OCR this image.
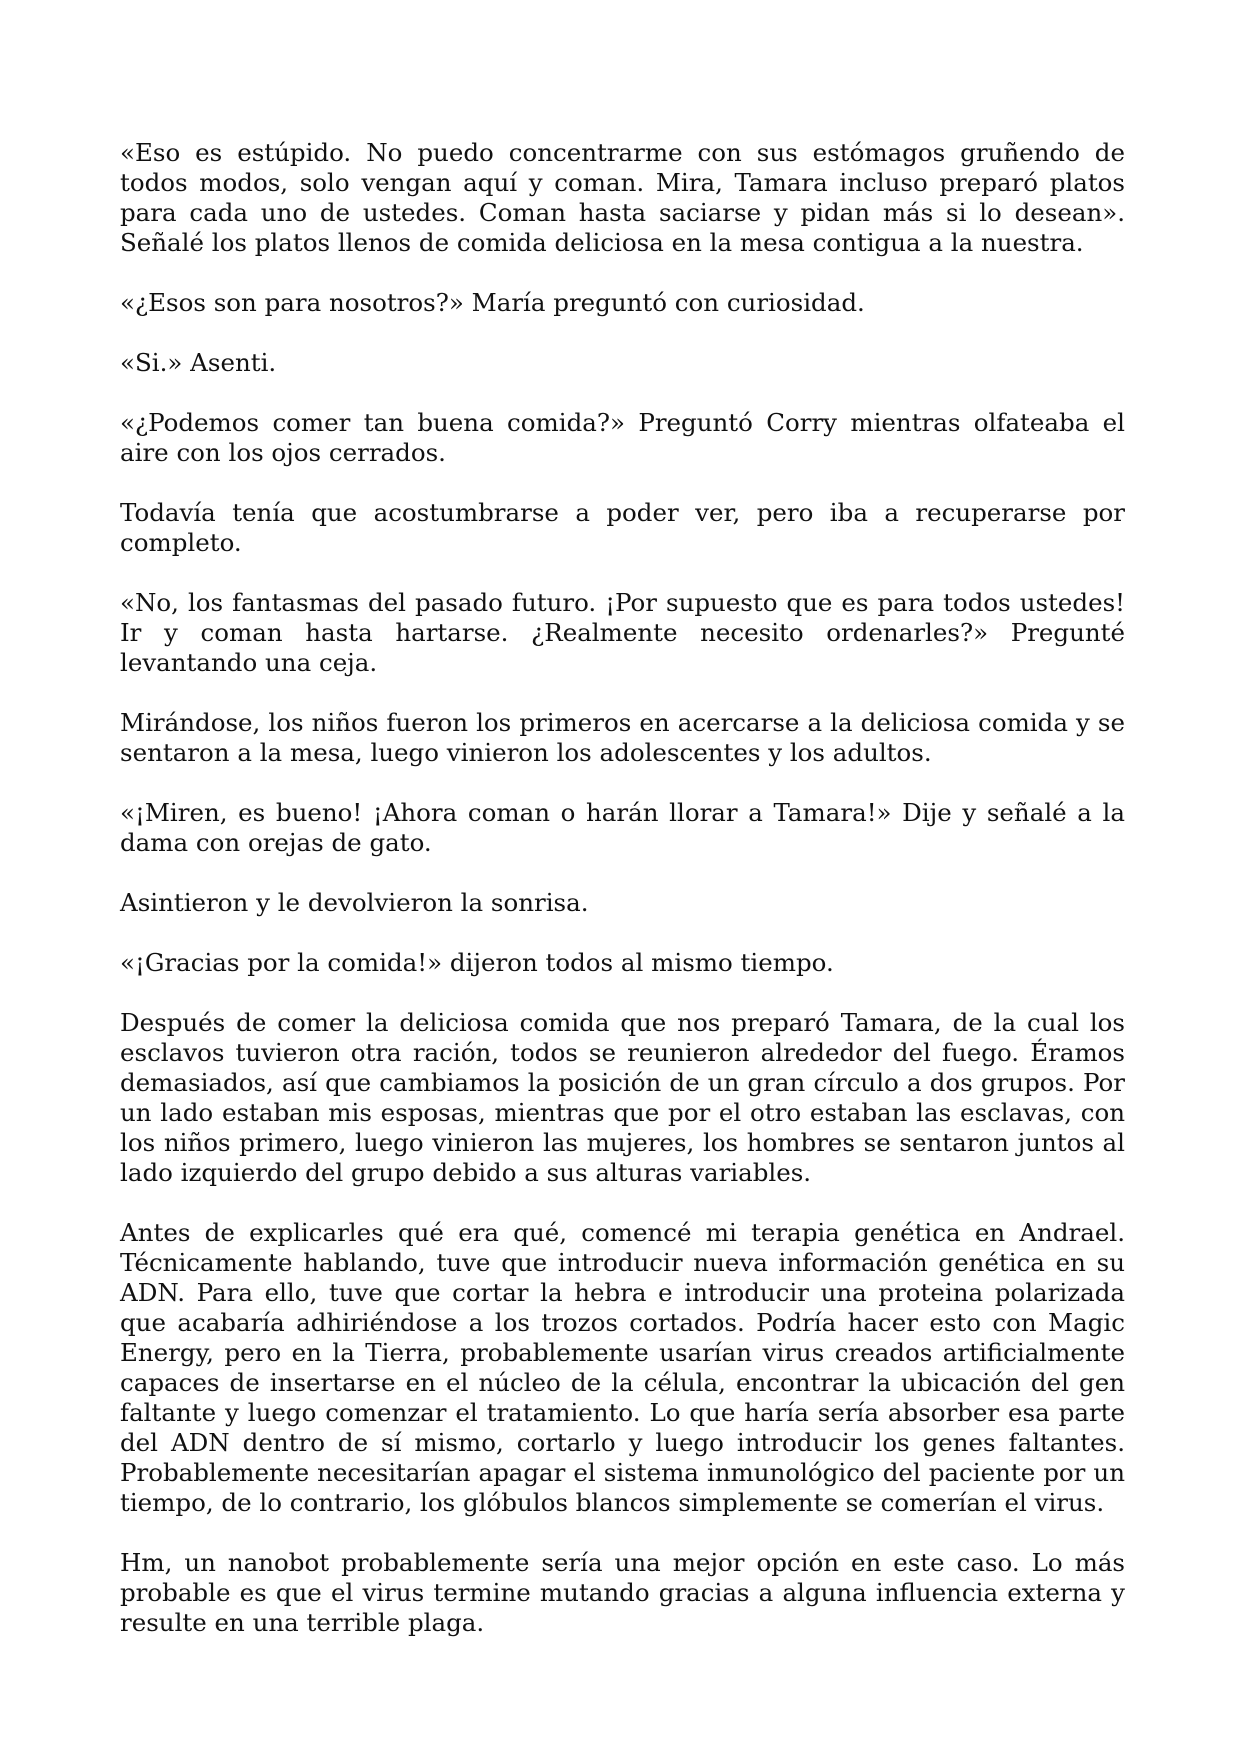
«Eso es estúpido. No puedo concentrarme con sus estómagos gruñendo de todos modos, solo vengan aquí y coman. Mira, Tamara incluso preparó platos para cada uno de ustedes. Coman hasta saciarse y pidan más si lo desean». Señalé los platos llenos de comida deliciosa en la mesa contigua a la nuestra.

«¿Esos son para nosotros?» María preguntó con curiosidad.

«Si.» Asenti.

«¿Podemos comer tan buena comida?» Preguntó Corry mientras olfateaba el aire con los ojos cerrados.

Todavía tenía que acostumbrarse a poder ver, pero iba a recuperarse por completo.

«No, los fantasmas del pasado futuro. ¡Por supuesto que es para todos ustedes! Ir y coman hasta hartarse. ¿Realmente necesito ordenarles?» Pregunté levantando una ceja.

Mirándose, los niños fueron los primeros en acercarse a la deliciosa comida y se sentaron a la mesa, luego vinieron los adolescentes y los adultos.

«¡Miren, es bueno! ¡Ahora coman o harán llorar a Tamara!» Dije y señalé a la dama con orejas de gato.

Asintieron y le devolvieron la sonrisa.

«¡Gracias por la comida!» dijeron todos al mismo tiempo.

Después de comer la deliciosa comida que nos preparó Tamara, de la cual los esclavos tuvieron otra ración, todos se reunieron alrededor del fuego. Éramos demasiados, así que cambiamos la posición de un gran círculo a dos grupos. Por un lado estaban mis esposas, mientras que por el otro estaban las esclavas, con los niños primero, luego vinieron las mujeres, los hombres se sentaron juntos al lado izquierdo del grupo debido a sus alturas variables.

Antes de explicarles qué era qué, comencé mi terapia genética en Andrael. Técnicamente hablando, tuve que introducir nueva información genética en su ADN. Para ello, tuve que cortar la hebra e introducir una proteina polarizada que acabaría adhiriéndose a los trozos cortados. Podría hacer esto con Magic Energy, pero en la Tierra, probablemente usarían virus creados artificialmente capaces de insertarse en el núcleo de la célula, encontrar la ubicación del gen faltante y luego comenzar el tratamiento. Lo que haría sería absorber esa parte del ADN dentro de sí mismo, cortarlo y luego introducir los genes faltantes. Probablemente necesitarían apagar el sistema inmunológico del paciente por un tiempo, de lo contrario, los glóbulos blancos simplemente se comerían el virus.

Hm, un nanobot probablemente sería una mejor opción en este caso. Lo más probable es que el virus termine mutando gracias a alguna influencia externa y resulte en una terrible plaga.
